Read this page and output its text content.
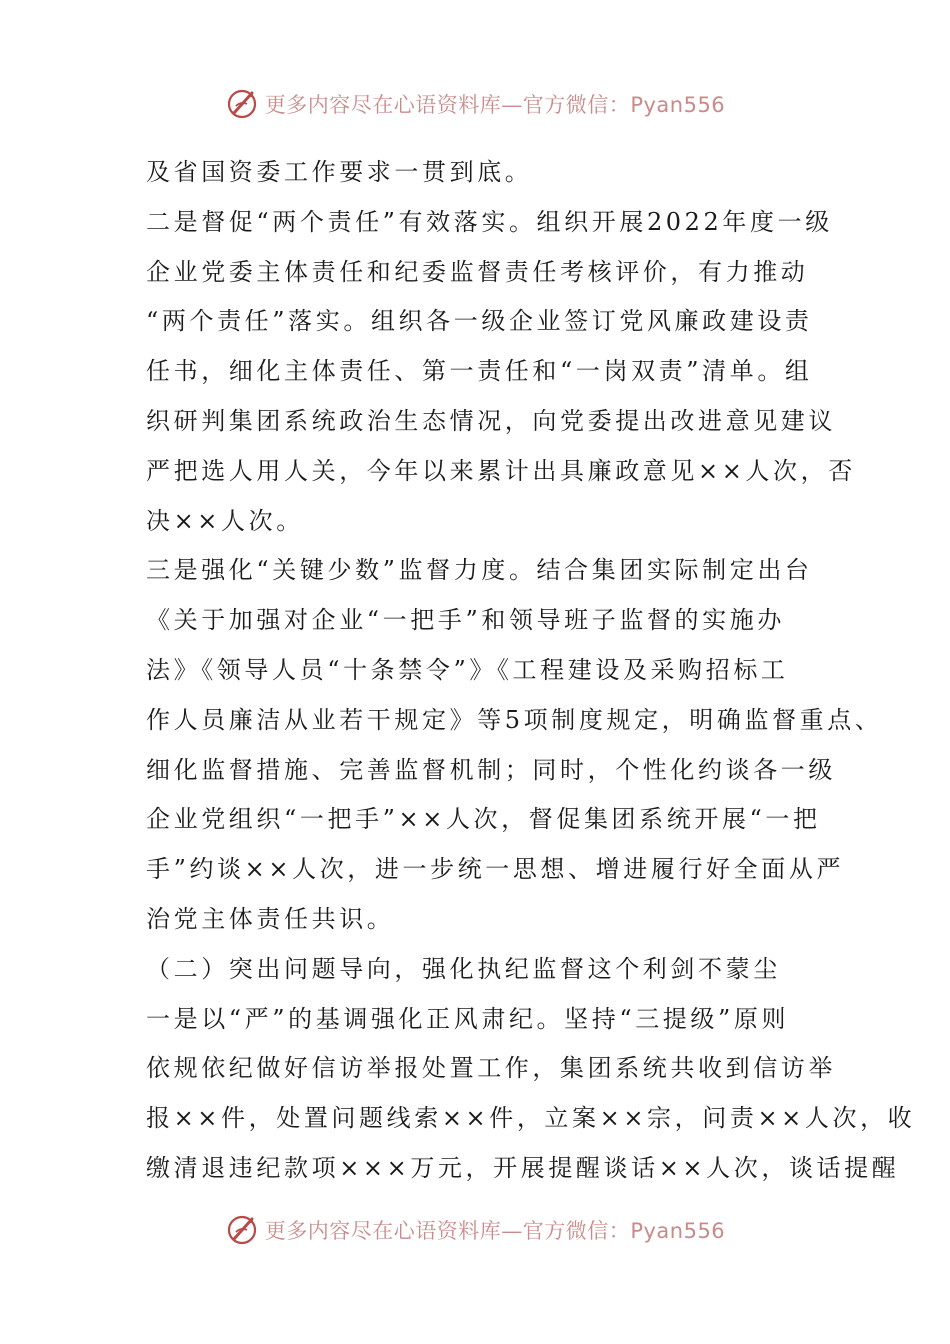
更多内容尽在心语资料库—官方微信：Pyan556
及省国资委工作要求一贯到底。
二是督促“两个责任”有效落实。组织开展2022年度一级
企业党委主体责任和纪委监督责任考核评价，有力推动
“两个责任”落实。组织各一级企业签订党风廉政建设责
任书，细化主体责任、第一责任和“一岗双责”清单。组
织研判集团系统政治生态情况，向党委提出改进意见建议
严把选人用人关，今年以来累计出具廉政意见××人次，否
决××人次。
三是强化“关键少数”监督力度。结合集团实际制定出台
《关于加强对企业“一把手”和领导班子监督的实施办
法》《领导人员“十条禁令”》《工程建设及采购招标工
作人员廉洁从业若干规定》等5项制度规定，明确监督重点、
细化监督措施、完善监督机制；同时，个性化约谈各一级
企业党组织“一把手”××人次，督促集团系统开展“一把
手”约谈××人次，进一步统一思想、增进履行好全面从严
治党主体责任共识。
（二）突出问题导向，强化执纪监督这个利剑不蒙尘
一是以“严”的基调强化正风肃纪。坚持“三提级”原则
依规依纪做好信访举报处置工作，集团系统共收到信访举
报××件，处置问题线索××件，立案××宗，问责××人次，收
缴清退违纪款项×××万元，开展提醒谈话××人次，谈话提醒
更多内容尽在心语资料库—官方微信：Pyan556
